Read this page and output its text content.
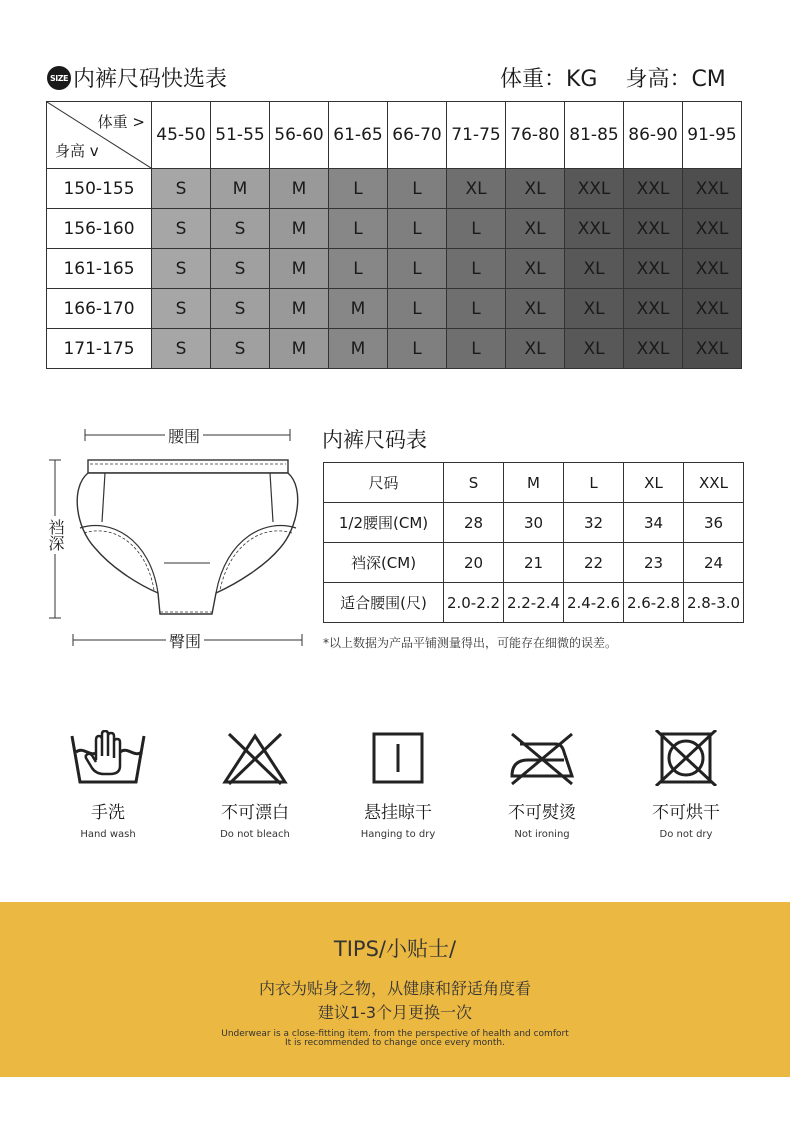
SIZE 内裤尺码快选表	体重：KG    身高：CM
体重 >
身高 v	45-50	51-55	56-60	61-65	66-70	71-75	76-80	81-85	86-90	91-95
150-155	S	M	M	L	L	XL	XL	XXL	XXL	XXL
156-160	S	S	M	L	L	L	XL	XXL	XXL	XXL
161-165	S	S	M	L	L	L	XL	XL	XXL	XXL
166-170	S	S	M	M	L	L	XL	XL	XXL	XXL
171-175	S	S	M	M	L	L	XL	XL	XXL	XXL
腰围
裆深
臀围
内裤尺码表
尺码	S	M	L	XL	XXL
1/2腰围(CM)	28	30	32	34	36
裆深(CM)	20	21	22	23	24
适合腰围(尺)	2.0-2.2	2.2-2.4	2.4-2.6	2.6-2.8	2.8-3.0
*以上数据为产品平铺测量得出，可能存在细微的误差。
手洗
Hand wash
不可漂白
Do not bleach
悬挂晾干
Hanging to dry
不可熨烫
Not ironing
不可烘干
Do not dry
TIPS/小贴士/
内衣为贴身之物，从健康和舒适角度看
建议1-3个月更换一次
Underwear is a close-fitting item. from the perspective of health and comfort
It is recommended to change once every month.
